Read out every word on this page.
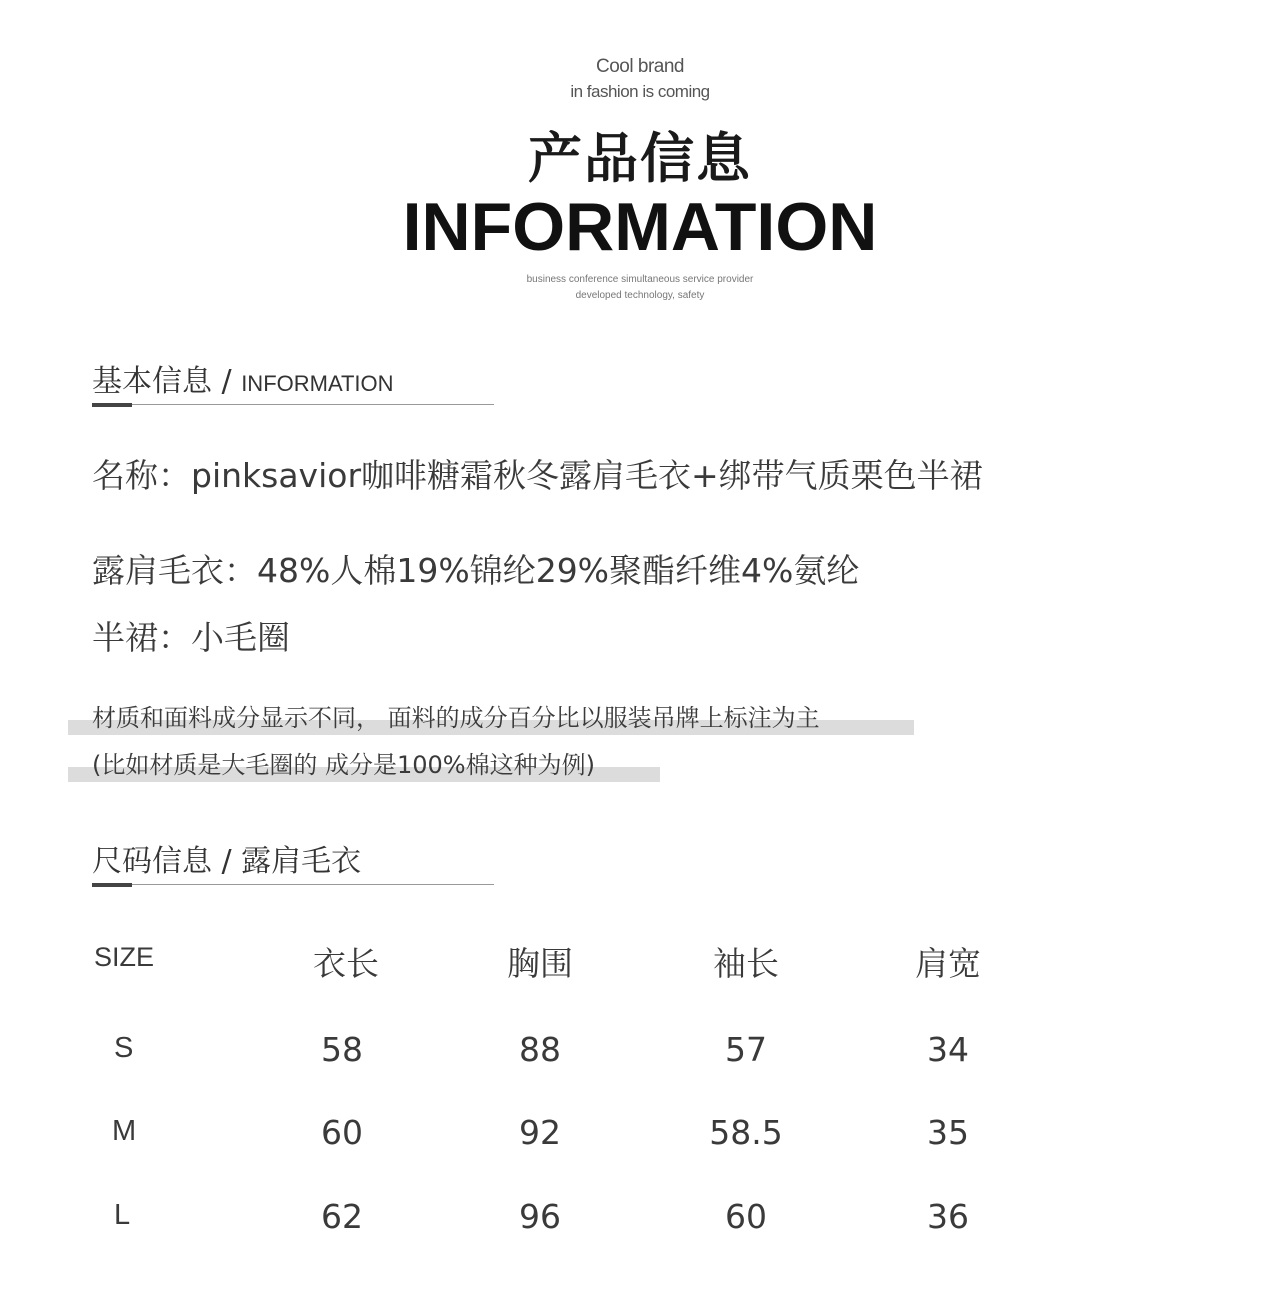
Cool brand
in fashion is coming
产品信息
INFORMATION
business conference simultaneous service provider
developed technology, safety
基本信息 / INFORMATION
名称：pinksavior咖啡糖霜秋冬露肩毛衣+绑带气质栗色半裙
露肩毛衣：48%人棉19%锦纶29%聚酯纤维4%氨纶
半裙：小毛圈
材质和面料成分显示不同， 面料的成分百分比以服装吊牌上标注为主
(比如材质是大毛圈的 成分是100%棉这种为例)
尺码信息 / 露肩毛衣
SIZE	衣长	胸围	袖长	肩宽
S	58	88	57	34
M	60	92	58.5	35
L	62	96	60	36
